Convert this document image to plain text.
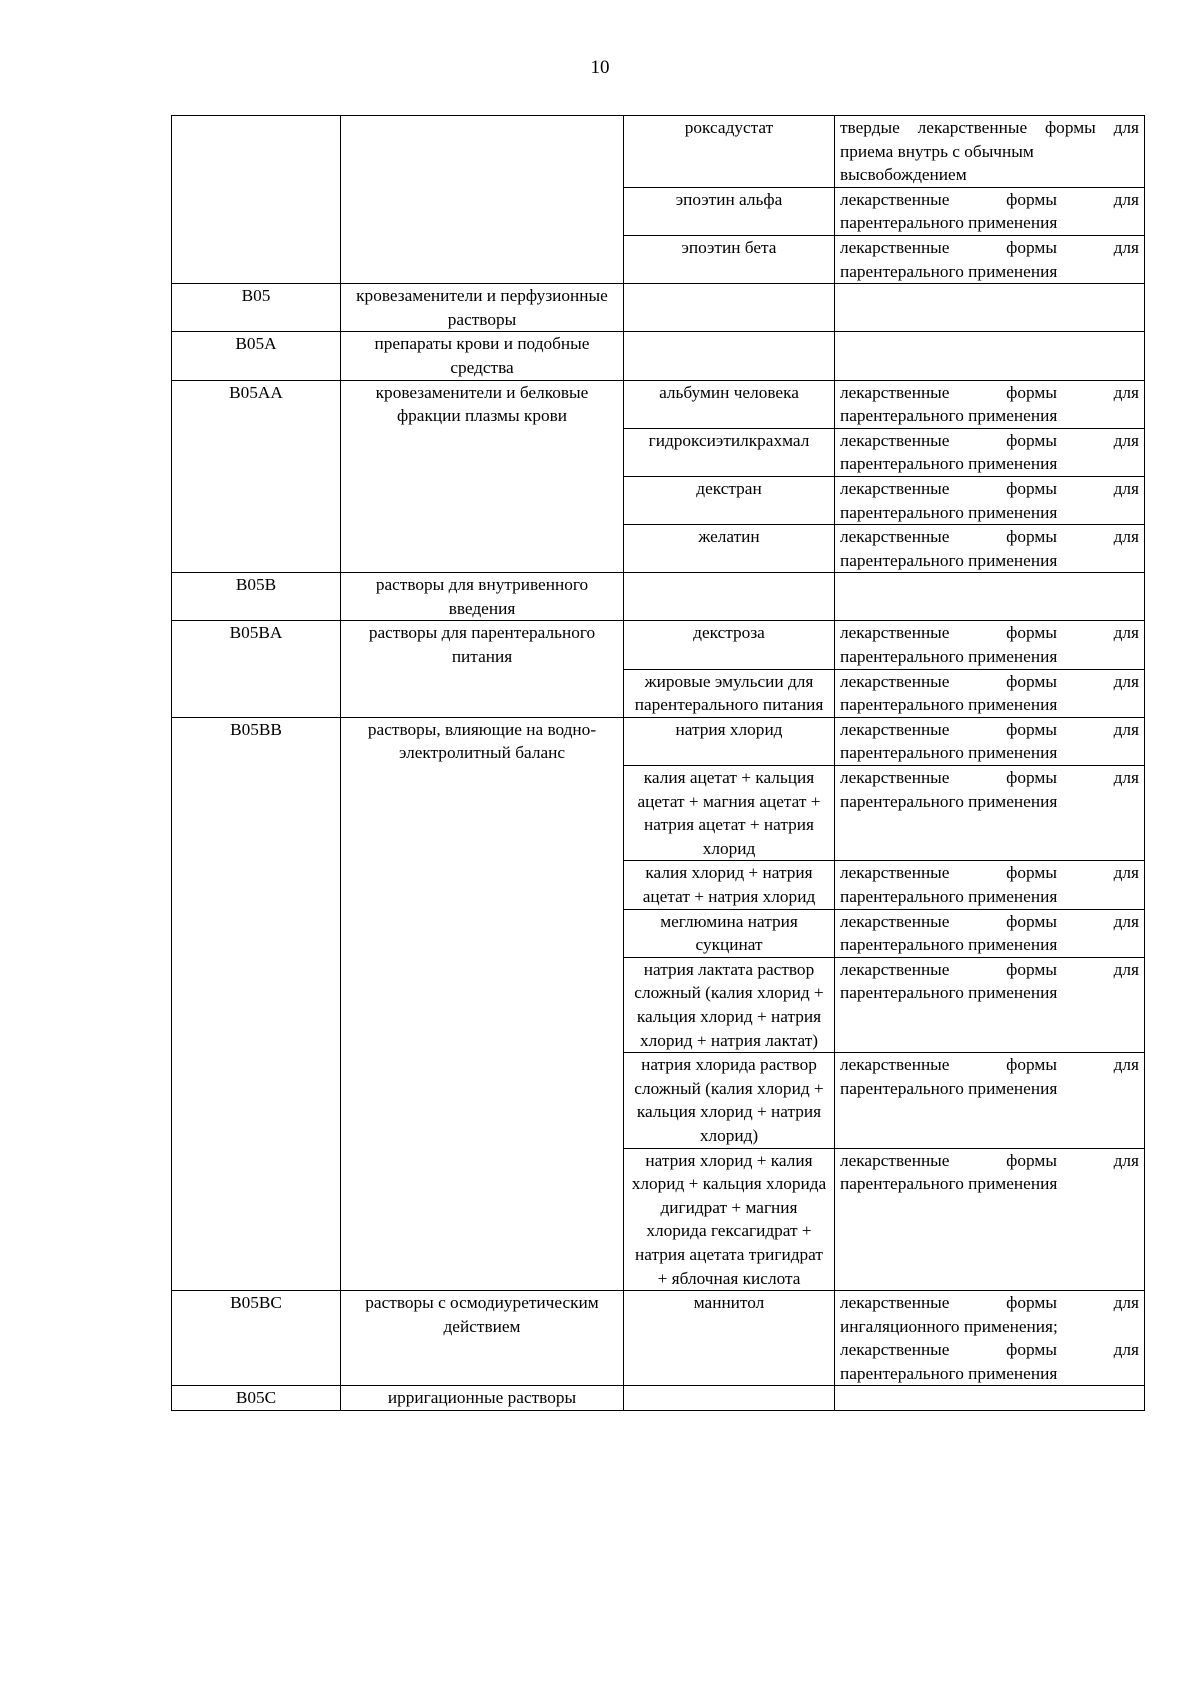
10
		роксадустат	твердые лекарственные формы для
приема внутрь с обычным
высвобождением

		эпоэтин альфа	лекарственные формы для
парентерального применения

		эпоэтин бета	лекарственные формы для
парентерального применения

B05	кровезаменители и перфузионные растворы		
B05A	препараты крови и подобные средства		
B05AA	кровезаменители и белковые фракции плазмы крови	альбумин человека	лекарственные формы для
парентерального применения

		гидроксиэтилкрахмал	лекарственные формы для
парентерального применения

		декстран	лекарственные формы для
парентерального применения

		желатин	лекарственные формы для
парентерального применения

B05B	растворы для внутривенного введения		
B05BA	растворы для парентерального питания	декстроза	лекарственные формы для
парентерального применения

		жировые эмульсии для парентерального питания	лекарственные формы для
парентерального применения

B05BB	растворы, влияющие на водно-электролитный баланс	натрия хлорид	лекарственные формы для
парентерального применения

		калия ацетат + кальция ацетат + магния ацетат + натрия ацетат + натрия хлорид	лекарственные формы для
парентерального применения

		калия хлорид + натрия ацетат + натрия хлорид	лекарственные формы для
парентерального применения

		меглюмина натрия сукцинат	лекарственные формы для
парентерального применения

		натрия лактата раствор сложный (калия хлорид + кальция хлорид + натрия хлорид + натрия лактат)	лекарственные формы для
парентерального применения

		натрия хлорида раствор сложный (калия хлорид + кальция хлорид + натрия хлорид)	лекарственные формы для
парентерального применения

		натрия хлорид + калия хлорид + кальция хлорида дигидрат + магния хлорида гексагидрат + натрия ацетата тригидрат + яблочная кислота	лекарственные формы для
парентерального применения

B05BC	растворы с осмодиуретическим действием	маннитол	лекарственные формы для
ингаляционного применения;
лекарственные формы для
парентерального применения

B05C	ирригационные растворы		
